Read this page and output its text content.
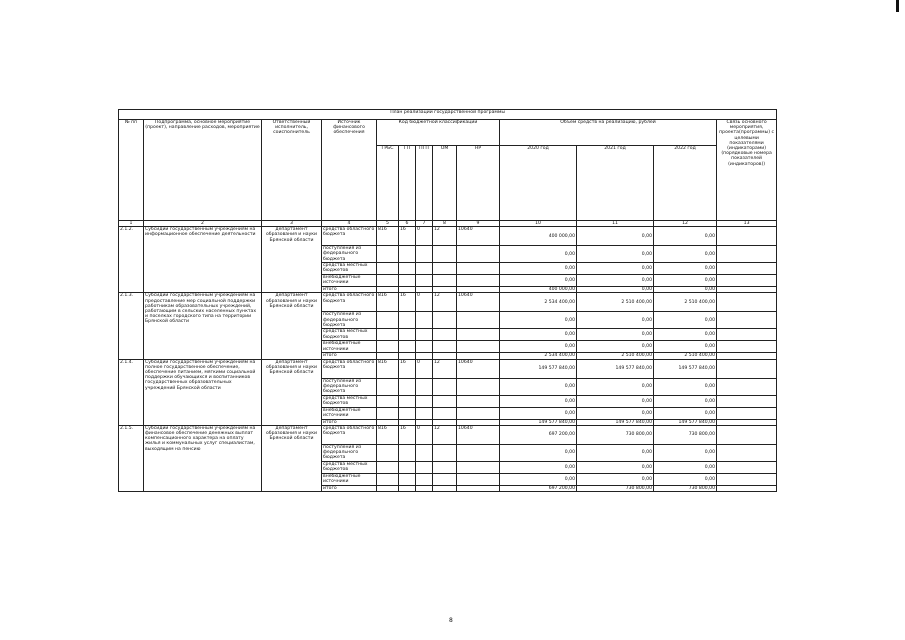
План реализации государственной программы												
№ пп	Подпрограмма, основное мероприятие (проект), направление расходов, мероприятие	Ответственный исполнитель, соисполнитель	Источник финансового обеспечения	Код бюджетной классификации					Объём средств на реализацию, рублей			Связь основного мероприятия, проекта(программы) с целевыми показателями (индикаторами) (порядковые номера показателей (индикаторов))
				ГРБС	ГП	ПГП	ОМ	НР	2020 год	2021 год	2022 год	
1	2	3	4	5	6	7	8	9	10	11	12	13
2.1.2.	Субсидии государственным учреждениям на информационное обеспечение деятельности	департамент образования и науки Брянской области	средства областного бюджета	816	16	0	12	10640	400 000,00	0,00	0,00	
			поступления из федерального бюджета						0,00	0,00	0,00	
			средства местных бюджетов						0,00	0,00	0,00	
			внебюджетные источники						0,00	0,00	0,00	
			итого						400 000,00	0,00	0,00	
2.1.3.	Субсидии государственным учреждениям на предоставление мер социальной поддержки работникам образовательных учреждений, работающим в сельских населенных пунктах и поселках городского типа на территории Брянской области	департамент образования и науки Брянской области	средства областного бюджета	816	16	0	12	10640	2 534 400,00	2 510 400,00	2 510 400,00	
			поступления из федерального бюджета						0,00	0,00	0,00	
			средства местных бюджетов						0,00	0,00	0,00	
			внебюджетные источники						0,00	0,00	0,00	
			итого						2 534 400,00	2 510 400,00	2 510 400,00	
2.1.4.	Субсидии государственным учреждениям на полное государственное обеспечение, обеспечение питанием, мягкими социальной поддержки обучающихся и воспитанников государственных образовательных учреждений Брянской области	департамент образования и науки Брянской области	средства областного бюджета	816	16	0	12	10640	149 577 840,00	149 577 840,00	149 577 840,00	
			поступления из федерального бюджета						0,00	0,00	0,00	
			средства местных бюджетов						0,00	0,00	0,00	
			внебюджетные источники						0,00	0,00	0,00	
			итого						149 577 840,00	149 577 840,00	149 577 840,00	
2.1.5.	Субсидии государственным учреждениям на финансовое обеспечение денежных выплат компенсационного характера на оплату жилья и коммунальных услуг специалистам, выходящим на пенсию	департамент образования и науки Брянской области	средства областного бюджета	816	16	0	12	10640	697 200,00	730 800,00	730 800,00	
			поступления из федерального бюджета						0,00	0,00	0,00	
			средства местных бюджетов						0,00	0,00	0,00	
			внебюджетные источники						0,00	0,00	0,00	
			итого						697 200,00	730 800,00	730 800,00	
8
